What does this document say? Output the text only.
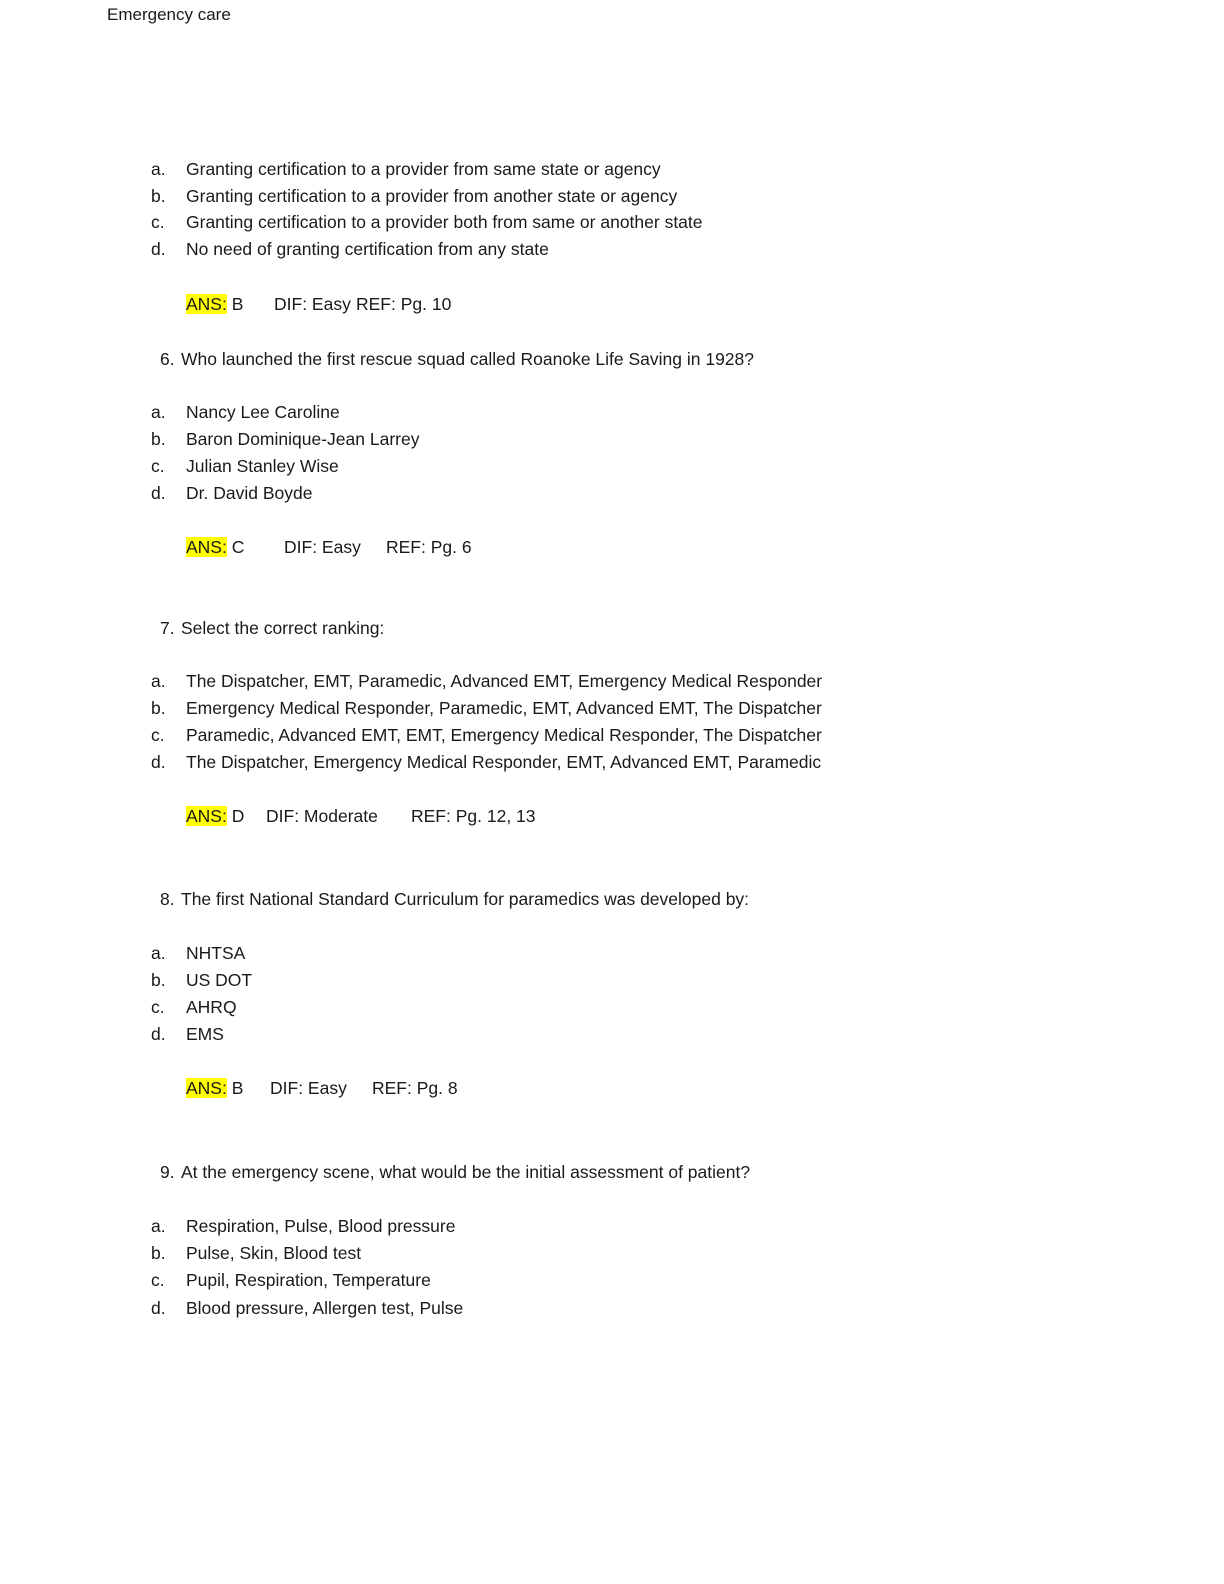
Emergency care
a. Granting certification to a provider from same state or agency
b. Granting certification to a provider from another state or agency
c. Granting certification to a provider both from same or another state
d. No need of granting certification from any state
ANS: B DIF: Easy REF: Pg. 10
6. Who launched the first rescue squad called Roanoke Life Saving in 1928?
a. Nancy Lee Caroline
b. Baron Dominique-Jean Larrey
c. Julian Stanley Wise
d. Dr. David Boyde
ANS: C DIF: Easy REF: Pg. 6
7. Select the correct ranking:
a. The Dispatcher, EMT, Paramedic, Advanced EMT, Emergency Medical Responder
b. Emergency Medical Responder, Paramedic, EMT, Advanced EMT, The Dispatcher
c. Paramedic, Advanced EMT, EMT, Emergency Medical Responder, The Dispatcher
d. The Dispatcher, Emergency Medical Responder, EMT, Advanced EMT, Paramedic
ANS: D DIF: Moderate REF: Pg. 12, 13
8. The first National Standard Curriculum for paramedics was developed by:
a. NHTSA
b. US DOT
c. AHRQ
d. EMS
ANS: B DIF: Easy REF: Pg. 8
9. At the emergency scene, what would be the initial assessment of patient?
a. Respiration, Pulse, Blood pressure
b. Pulse, Skin, Blood test
c. Pupil, Respiration, Temperature
d. Blood pressure, Allergen test, Pulse
